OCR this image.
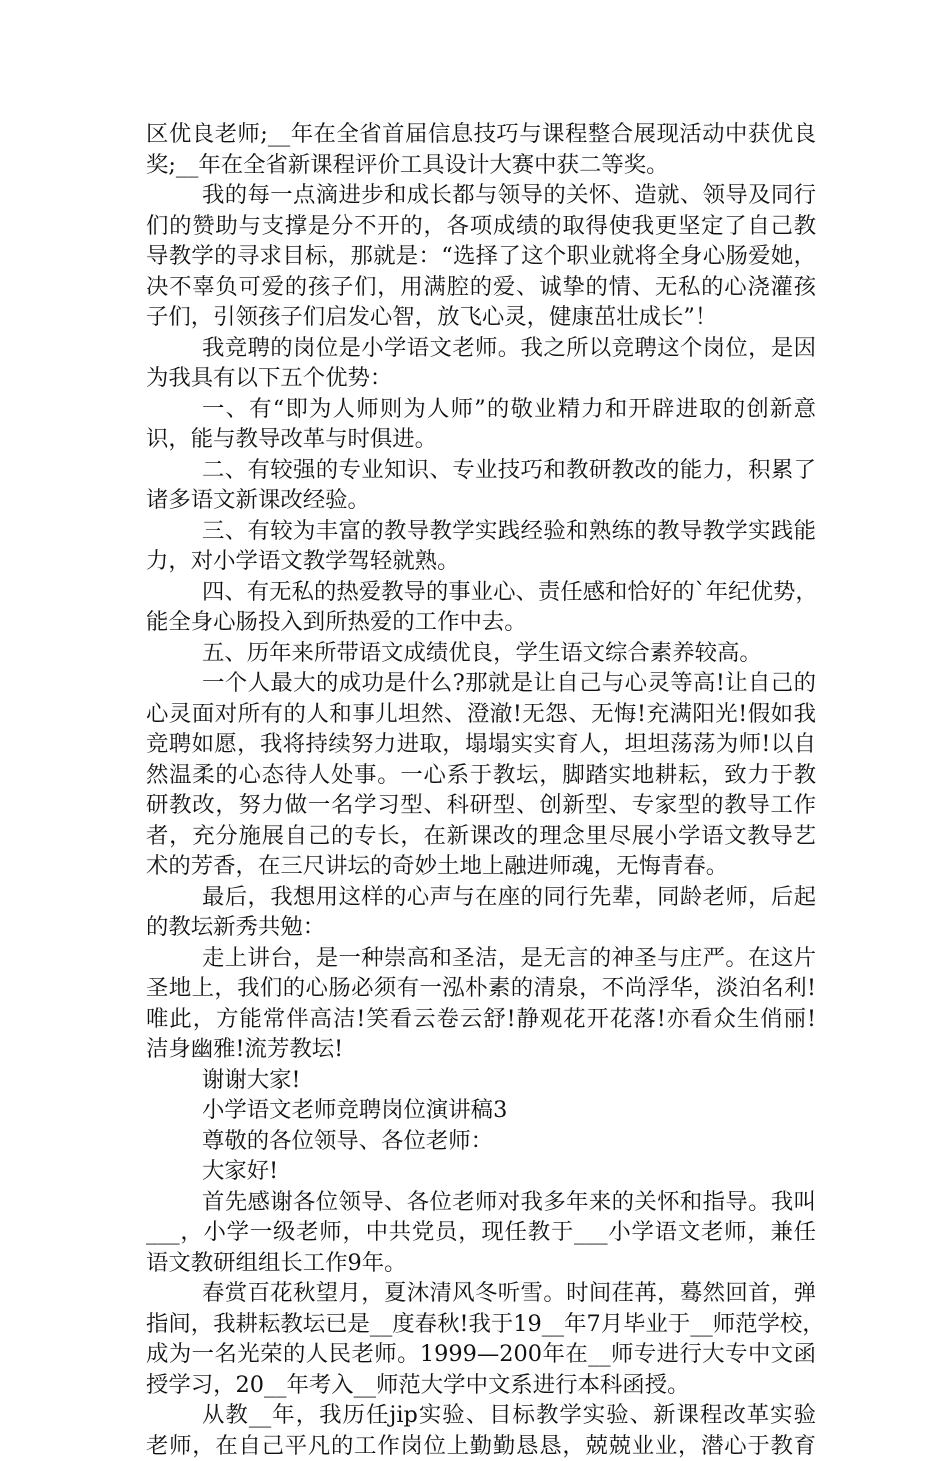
区优良老师;__年在全省首届信息技巧与课程整合展现活动中获优良
奖;__年在全省新课程评价工具设计大赛中获二等奖。
我的每一点滴进步和成长都与领导的关怀、造就、领导及同行
们的赞助与支撑是分不开的，各项成绩的取得使我更坚定了自己教
导教学的寻求目标，那就是：“选择了这个职业就将全身心肠爱她，
决不辜负可爱的孩子们，用满腔的爱、诚挚的情、无私的心浇灌孩
子们，引领孩子们启发心智，放飞心灵，健康茁壮成长”！
我竞聘的岗位是小学语文老师。我之所以竞聘这个岗位，是因
为我具有以下五个优势：
一、有“即为人师则为人师”的敬业精力和开辟进取的创新意
识，能与教导改革与时俱进。
二、有较强的专业知识、专业技巧和教研教改的能力，积累了
诸多语文新课改经验。
三、有较为丰富的教导教学实践经验和熟练的教导教学实践能
力，对小学语文教学驾轻就熟。
四、有无私的热爱教导的事业心、责任感和恰好的`年纪优势，
能全身心肠投入到所热爱的工作中去。
五、历年来所带语文成绩优良，学生语文综合素养较高。
一个人最大的成功是什么?那就是让自己与心灵等高!让自己的
心灵面对所有的人和事儿坦然、澄澈!无怨、无悔!充满阳光!假如我
竞聘如愿，我将持续努力进取，塌塌实实育人，坦坦荡荡为师!以自
然温柔的心态待人处事。一心系于教坛，脚踏实地耕耘，致力于教
研教改，努力做一名学习型、科研型、创新型、专家型的教导工作
者，充分施展自己的专长，在新课改的理念里尽展小学语文教导艺
术的芳香，在三尺讲坛的奇妙土地上融进师魂，无悔青春。
最后，我想用这样的心声与在座的同行先辈，同龄老师，后起
的教坛新秀共勉：
走上讲台，是一种崇高和圣洁，是无言的神圣与庄严。在这片
圣地上，我们的心肠必须有一泓朴素的清泉，不尚浮华，淡泊名利!
唯此，方能常伴高洁!笑看云卷云舒!静观花开花落!亦看众生俏丽!
洁身幽雅!流芳教坛!
谢谢大家!
小学语文老师竞聘岗位演讲稿3
尊敬的各位领导、各位老师：
大家好!
首先感谢各位领导、各位老师对我多年来的关怀和指导。我叫
___，小学一级老师，中共党员，现任教于___小学语文老师，兼任
语文教研组组长工作9年。
春赏百花秋望月，夏沐清风冬听雪。时间荏苒，蓦然回首，弹
指间，我耕耘教坛已是__度春秋!我于19__年7月毕业于__师范学校，
成为一名光荣的人民老师。1999—200年在__师专进行大专中文函
授学习，20__年考入__师范大学中文系进行本科函授。
从教__年，我历任jip实验、目标教学实验、新课程改革实验
老师，在自己平凡的工作岗位上勤勤恳恳，兢兢业业，潜心于教育
